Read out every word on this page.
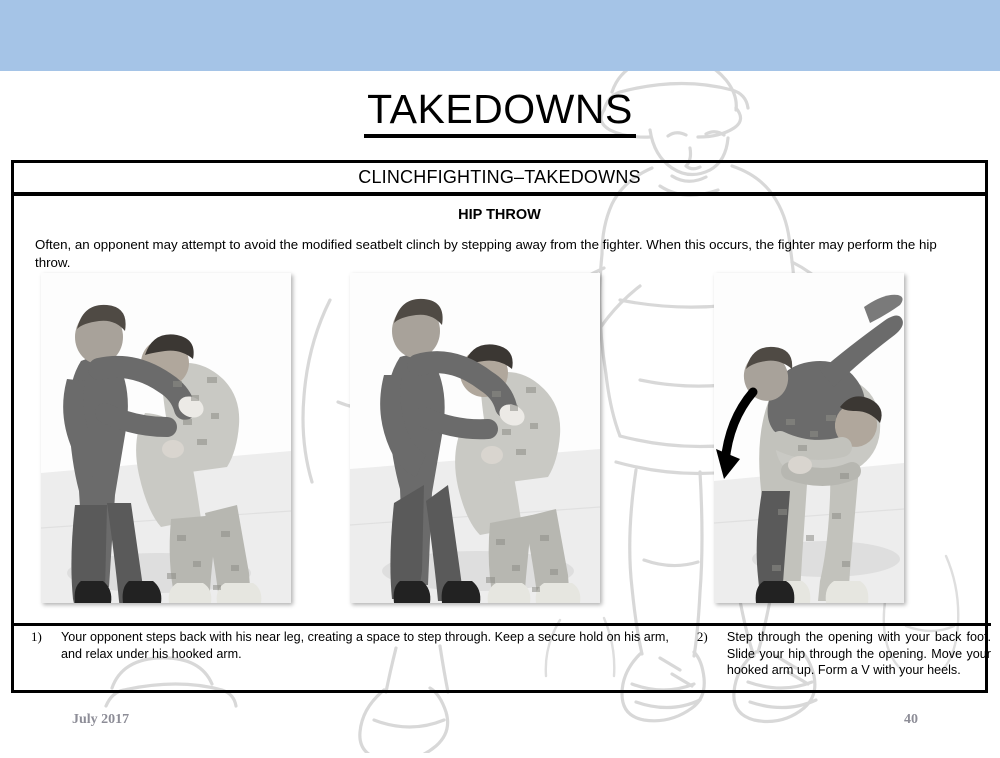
TAKEDOWNS
CLINCHFIGHTING–TAKEDOWNS
HIP THROW
Often, an opponent may attempt to avoid the modified seatbelt clinch by stepping away from the fighter. When this occurs, the fighter may perform the hip throw.
1)	Your opponent steps back with his near leg, creating a space to step through. Keep a secure hold on his arm, and relax under his hooked arm.
2)	Step through the opening with your back foot. Slide your hip through the opening. Move your hooked arm up. Form a V with your heels.
July 2017	40
